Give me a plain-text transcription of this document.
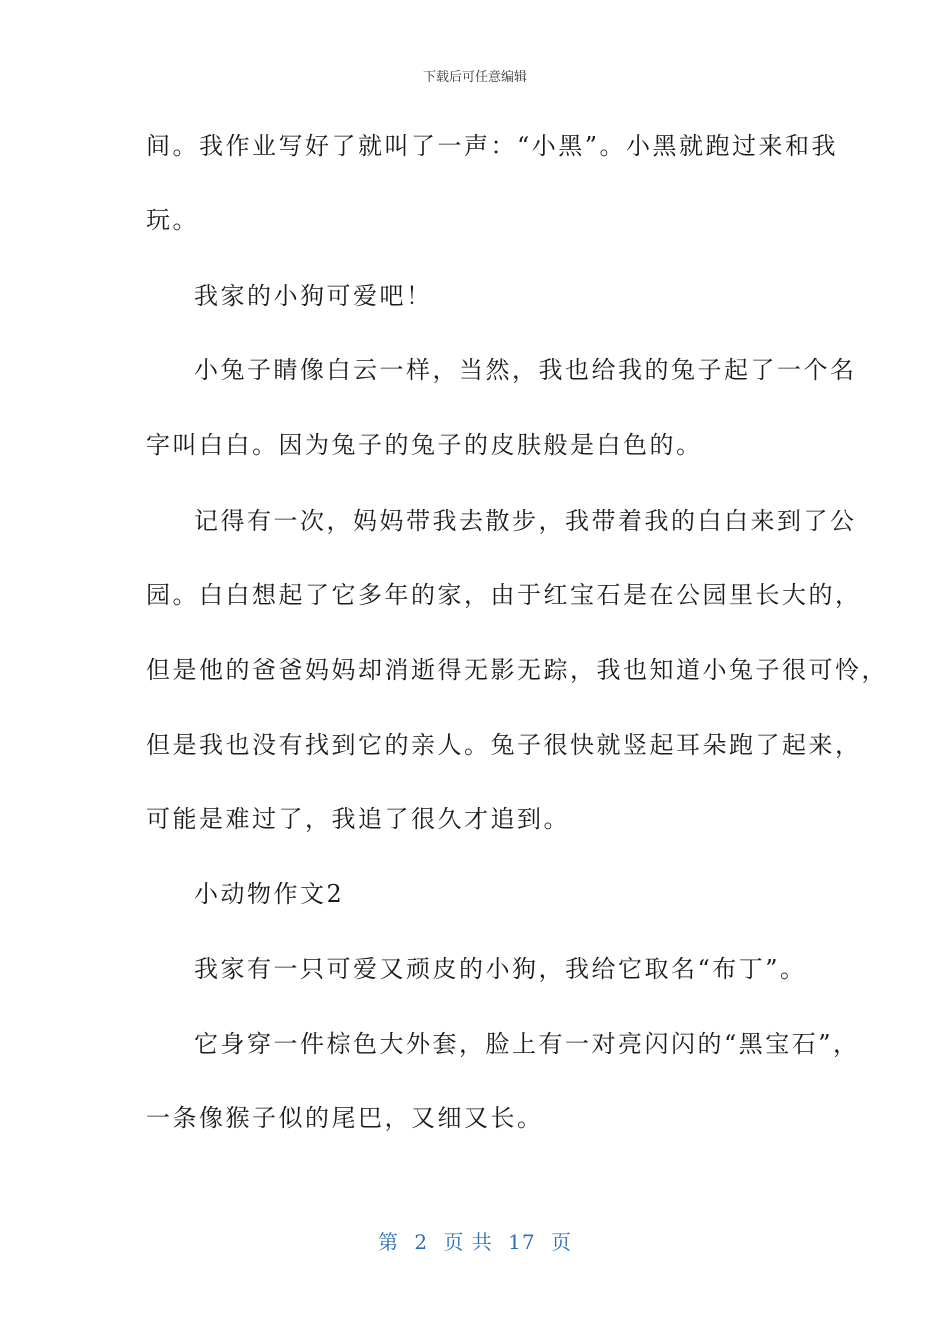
下载后可任意编辑
间。我作业写好了就叫了一声：“小黑”。小黑就跑过来和我
玩。
我家的小狗可爱吧！
小兔子睛像白云一样，当然，我也给我的兔子起了一个名
字叫白白。因为兔子的兔子的皮肤般是白色的。
记得有一次，妈妈带我去散步，我带着我的白白来到了公
园。白白想起了它多年的家，由于红宝石是在公园里长大的，
但是他的爸爸妈妈却消逝得无影无踪，我也知道小兔子很可怜，
但是我也没有找到它的亲人。兔子很快就竖起耳朵跑了起来，
可能是难过了，我追了很久才追到。
小动物作文2
我家有一只可爱又顽皮的小狗，我给它取名“布丁”。
它身穿一件棕色大外套，脸上有一对亮闪闪的“黑宝石”，
一条像猴子似的尾巴，又细又长。
第 2 页 共 17 页
